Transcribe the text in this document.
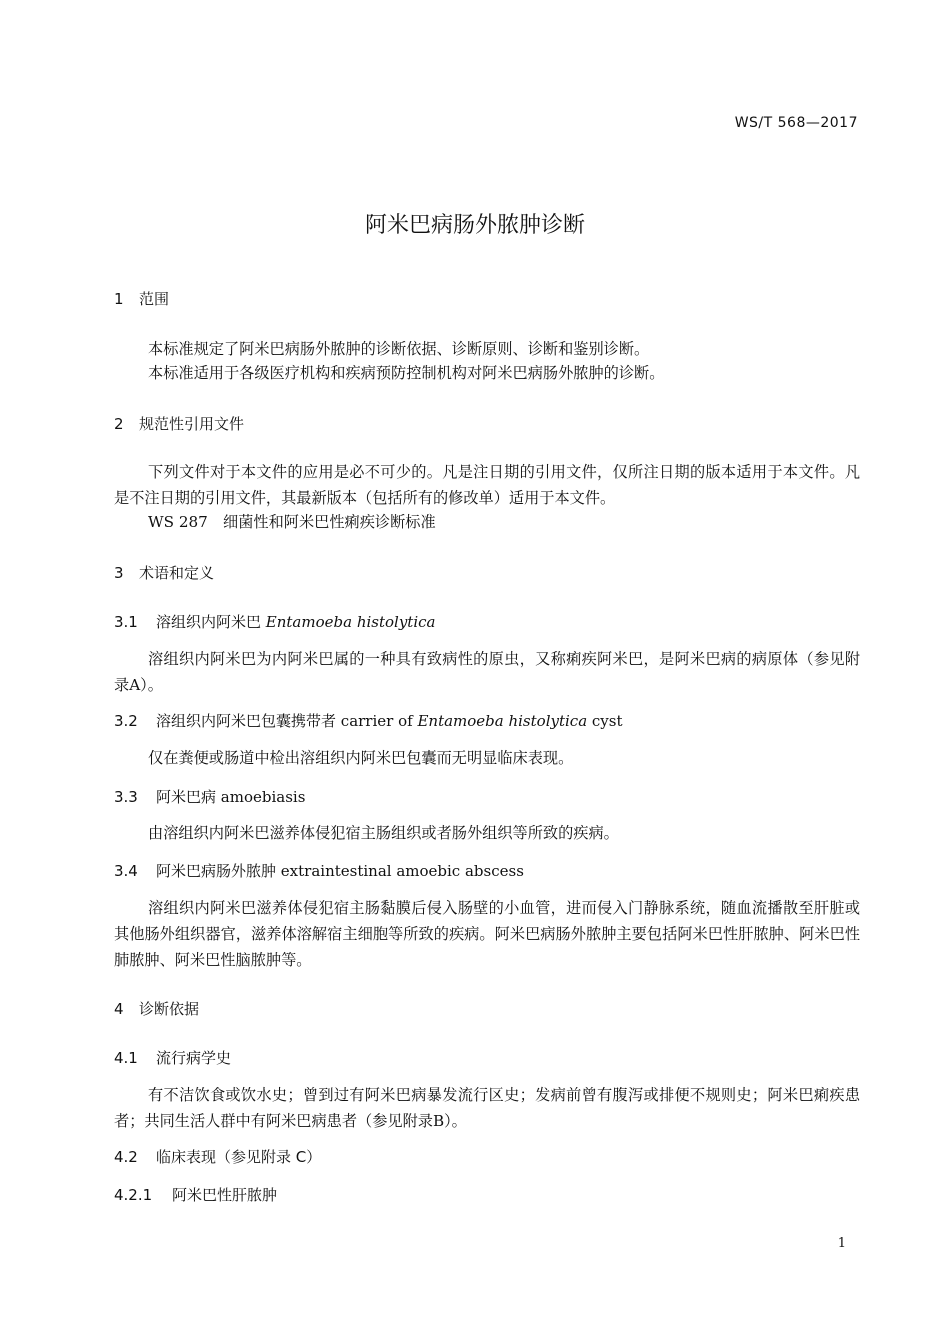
WS/T 568—2017
阿米巴病肠外脓肿诊断
1 范围
本标准规定了阿米巴病肠外脓肿的诊断依据、诊断原则、诊断和鉴别诊断。
本标准适用于各级医疗机构和疾病预防控制机构对阿米巴病肠外脓肿的诊断。
2 规范性引用文件
下列文件对于本文件的应用是必不可少的。凡是注日期的引用文件，仅所注日期的版本适用于本文件。凡是不注日期的引用文件，其最新版本（包括所有的修改单）适用于本文件。
WS 287　细菌性和阿米巴性痢疾诊断标准
3 术语和定义
3.1 溶组织内阿米巴 Entamoeba histolytica
溶组织内阿米巴为内阿米巴属的一种具有致病性的原虫，又称痢疾阿米巴，是阿米巴病的病原体（参见附录A）。
3.2 溶组织内阿米巴包囊携带者 carrier of Entamoeba histolytica cyst
仅在粪便或肠道中检出溶组织内阿米巴包囊而无明显临床表现。
3.3 阿米巴病 amoebiasis
由溶组织内阿米巴滋养体侵犯宿主肠组织或者肠外组织等所致的疾病。
3.4 阿米巴病肠外脓肿 extraintestinal amoebic abscess
溶组织内阿米巴滋养体侵犯宿主肠黏膜后侵入肠壁的小血管，进而侵入门静脉系统，随血流播散至肝脏或其他肠外组织器官，滋养体溶解宿主细胞等所致的疾病。阿米巴病肠外脓肿主要包括阿米巴性肝脓肿、阿米巴性肺脓肿、阿米巴性脑脓肿等。
4 诊断依据
4.1 流行病学史
有不洁饮食或饮水史；曾到过有阿米巴病暴发流行区史；发病前曾有腹泻或排便不规则史；阿米巴痢疾患者；共同生活人群中有阿米巴病患者（参见附录B）。
4.2 临床表现（参见附录 C）
4.2.1 阿米巴性肝脓肿
1
